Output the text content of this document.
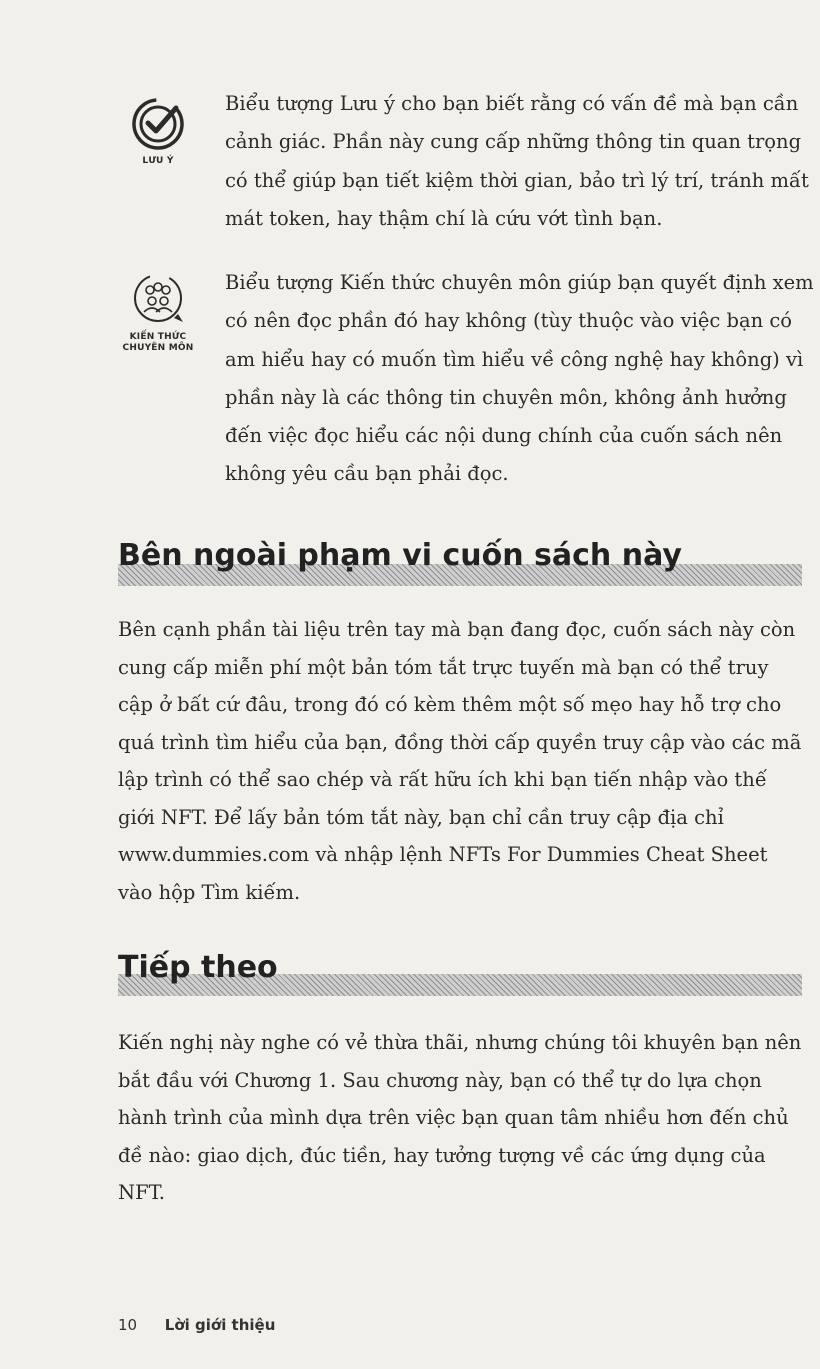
LƯU Ý

Biểu tượng Lưu ý cho bạn biết rằng có vấn đề mà bạn cần cảnh giác. Phần này cung cấp những thông tin quan trọng có thể giúp bạn tiết kiệm thời gian, bảo trì lý trí, tránh mất mát token, hay thậm chí là cứu vớt tình bạn.

KIẾN THỨC
CHUYÊN MÔN

Biểu tượng Kiến thức chuyên môn giúp bạn quyết định xem có nên đọc phần đó hay không (tùy thuộc vào việc bạn có am hiểu hay có muốn tìm hiểu về công nghệ hay không) vì phần này là các thông tin chuyên môn, không ảnh hưởng đến việc đọc hiểu các nội dung chính của cuốn sách nên không yêu cầu bạn phải đọc.

Bên ngoài phạm vi cuốn sách này

Bên cạnh phần tài liệu trên tay mà bạn đang đọc, cuốn sách này còn cung cấp miễn phí một bản tóm tắt trực tuyến mà bạn có thể truy cập ở bất cứ đâu, trong đó có kèm thêm một số mẹo hay hỗ trợ cho quá trình tìm hiểu của bạn, đồng thời cấp quyền truy cập vào các mã lập trình có thể sao chép và rất hữu ích khi bạn tiến nhập vào thế giới NFT. Để lấy bản tóm tắt này, bạn chỉ cần truy cập địa chỉ www.dummies.com và nhập lệnh NFTs For Dummies Cheat Sheet vào hộp Tìm kiếm.

Tiếp theo

Kiến nghị này nghe có vẻ thừa thãi, nhưng chúng tôi khuyên bạn nên bắt đầu với Chương 1. Sau chương này, bạn có thể tự do lựa chọn hành trình của mình dựa trên việc bạn quan tâm nhiều hơn đến chủ đề nào: giao dịch, đúc tiền, hay tưởng tượng về các ứng dụng của NFT.

10 Lời giới thiệu
